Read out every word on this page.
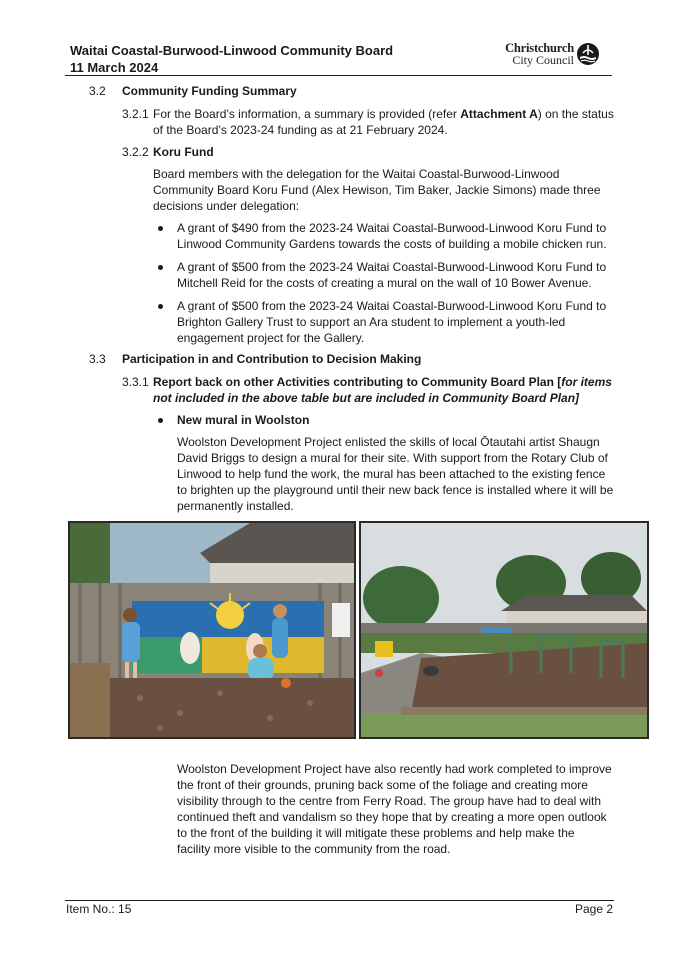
Waitai Coastal-Burwood-Linwood Community Board
11 March 2024
Christchurch
City Council
3.2 Community Funding Summary
3.2.1 For the Board’s information, a summary is provided (refer Attachment A) on the status
of the Board’s 2023-24 funding as at 21 February 2024.
3.2.2 Koru Fund
Board members with the delegation for the Waitai Coastal-Burwood-Linwood
Community Board Koru Fund (Alex Hewison, Tim Baker, Jackie Simons) made three
decisions under delegation:
A grant of $490 from the 2023-24 Waitai Coastal-Burwood-Linwood Koru Fund to
Linwood Community Gardens towards the costs of building a mobile chicken run.
A grant of $500 from the 2023-24 Waitai Coastal-Burwood-Linwood Koru Fund to
Mitchell Reid for the costs of creating a mural on the wall of 10 Bower Avenue.
A grant of $500 from the 2023-24 Waitai Coastal-Burwood-Linwood Koru Fund to
Brighton Gallery Trust to support an Ara student to implement a youth-led
engagement project for the Gallery.
3.3 Participation in and Contribution to Decision Making
3.3.1 Report back on other Activities contributing to Community Board Plan [for items
not included in the above table but are included in Community Board Plan]
New mural in Woolston
Woolston Development Project enlisted the skills of local Ōtautahi artist Shaugn
David Briggs to design a mural for their site. With support from the Rotary Club of
Linwood to help fund the work, the mural has been attached to the existing fence
to brighten up the playground until their new back fence is installed where it will be
permanently installed.
Woolston Development Project have also recently had work completed to improve
the front of their grounds, pruning back some of the foliage and creating more
visibility through to the centre from Ferry Road. The group have had to deal with
continued theft and vandalism so they hope that by creating a more open outlook
to the front of the building it will mitigate these problems and help make the
facility more visible to the community from the road.
Item No.: 15	Page 2
